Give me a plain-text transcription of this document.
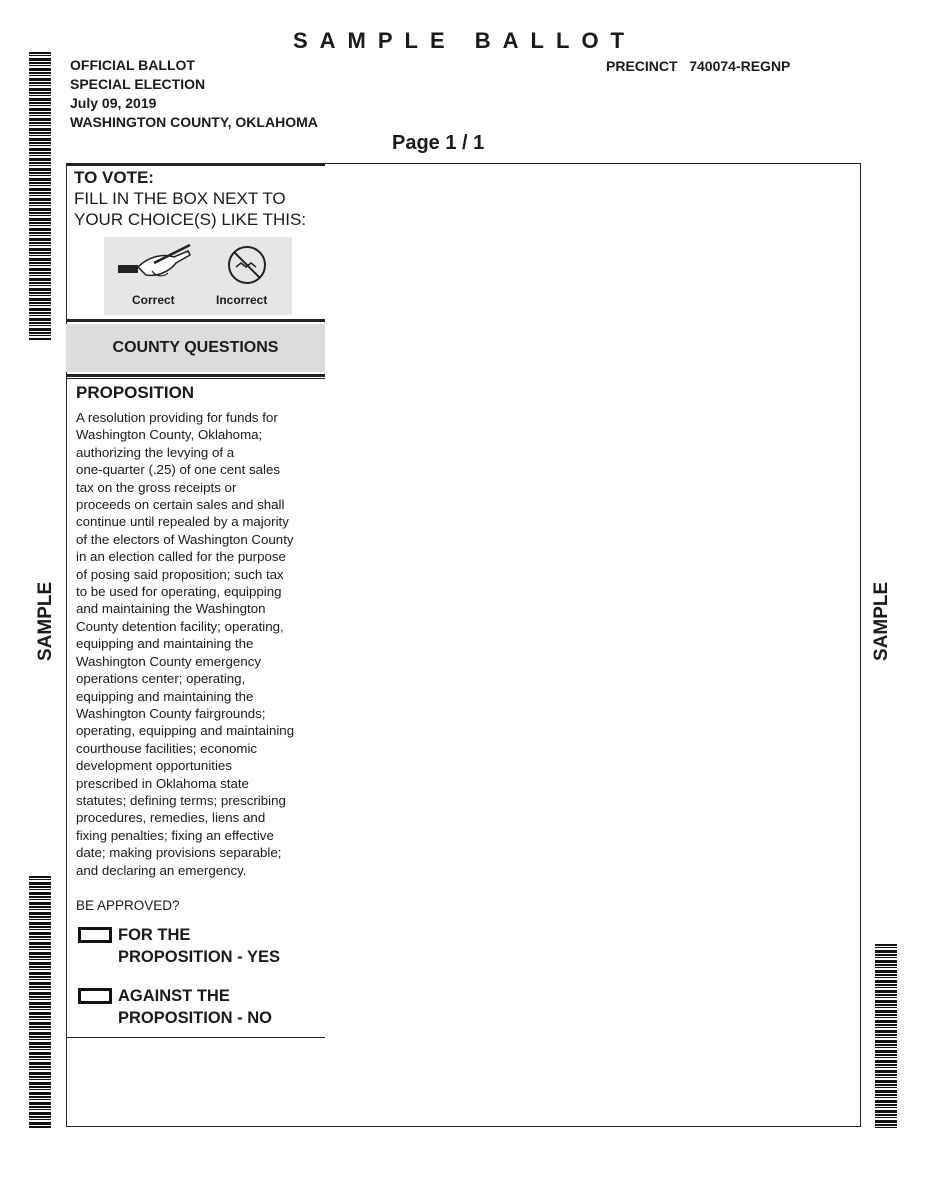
SAMPLE BALLOT
OFFICIAL BALLOT
SPECIAL ELECTION
July 09, 2019
WASHINGTON COUNTY, OKLAHOMA
PRECINCT 740074-REGNP
Page 1 / 1
SAMPLE	SAMPLE
TO VOTE:
FILL IN THE BOX NEXT TO
YOUR CHOICE(S) LIKE THIS:
Correct	Incorrect
COUNTY QUESTIONS
PROPOSITION
A resolution providing for funds for
Washington County, Oklahoma;
authorizing the levying of a
one-quarter (.25) of one cent sales
tax on the gross receipts or
proceeds on certain sales and shall
continue until repealed by a majority
of the electors of Washington County
in an election called for the purpose
of posing said proposition; such tax
to be used for operating, equipping
and maintaining the Washington
County detention facility; operating,
equipping and maintaining the
Washington County emergency
operations center; operating,
equipping and maintaining the
Washington County fairgrounds;
operating, equipping and maintaining
courthouse facilities; economic
development opportunities
prescribed in Oklahoma state
statutes; defining terms; prescribing
procedures, remedies, liens and
fixing penalties; fixing an effective
date; making provisions separable;
and declaring an emergency.
BE APPROVED?
FOR THE
PROPOSITION - YES
AGAINST THE
PROPOSITION - NO
